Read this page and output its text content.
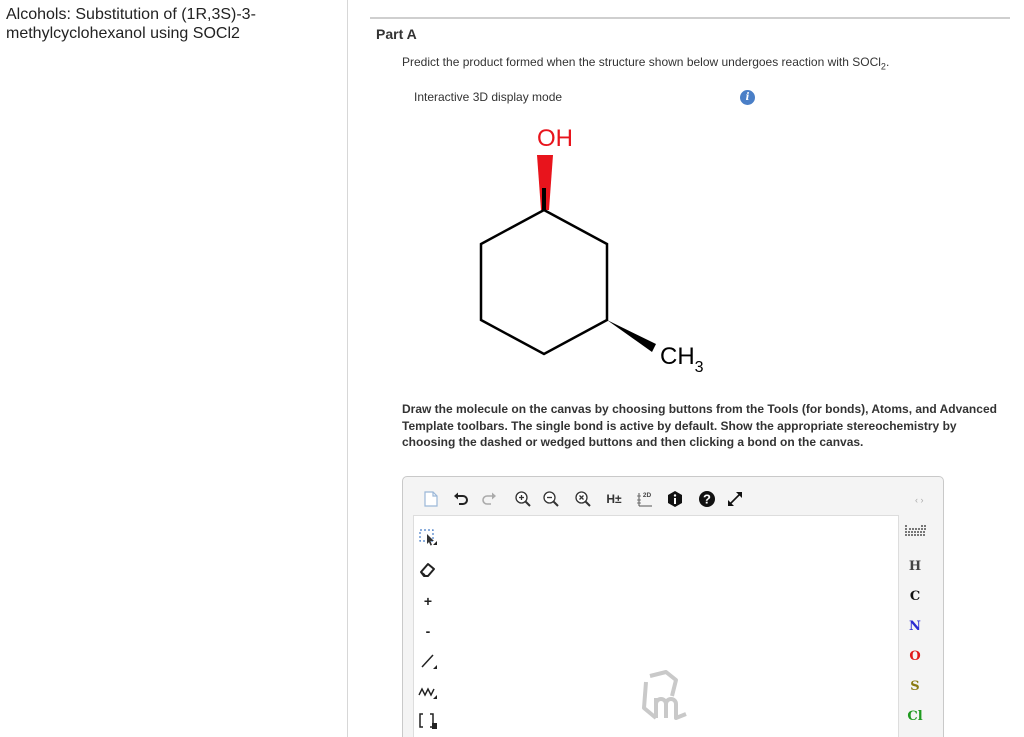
Alcohols: Substitution of (1R,3S)-3-methylcyclohexanol using SOCl2	Part A
Predict the product formed when the structure shown below undergoes reaction with SOCl$_2$.
Interactive 3D display mode	i
OH
$CH_3$
Draw the molecule on the canvas by choosing buttons from the Tools (for bonds), Atoms, and Advanced Template toolbars. The single bond is active by default. Show the appropriate stereochemistry by choosing the dashed or wedged buttons and then clicking a bond on the canvas.
H±	2D	?	‹ ›
+
-
H
C
N
O
S
Cl
